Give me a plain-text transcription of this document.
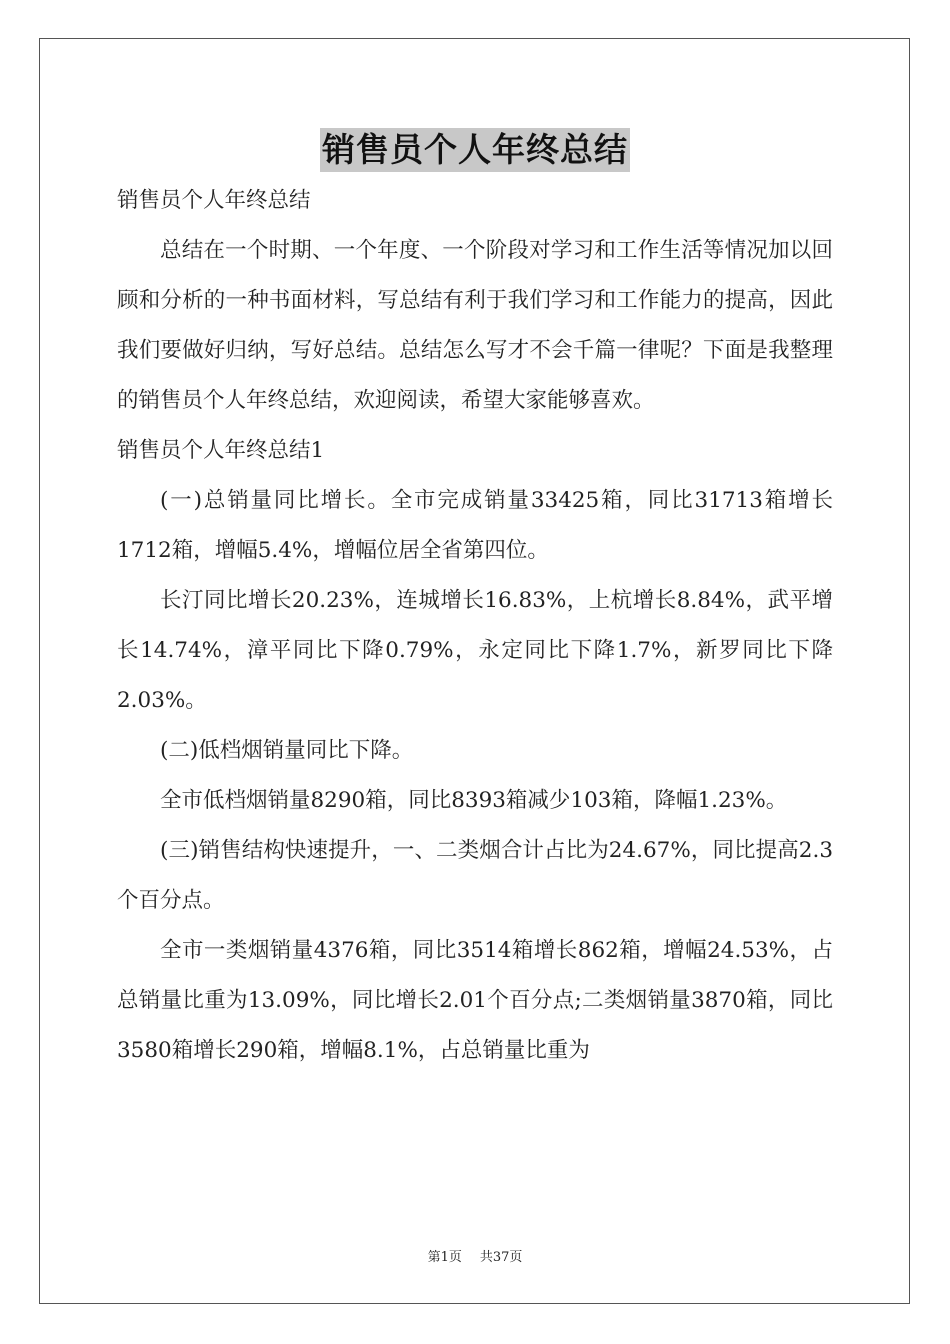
销售员个人年终总结

销售员个人年终总结

总结在一个时期、一个年度、一个阶段对学习和工作生活等情况加以回顾和分析的一种书面材料，写总结有利于我们学习和工作能力的提高，因此我们要做好归纳，写好总结。总结怎么写才不会千篇一律呢？下面是我整理的销售员个人年终总结，欢迎阅读，希望大家能够喜欢。

销售员个人年终总结1

(一)总销量同比增长。全市完成销量33425箱，同比31713箱增长1712箱，增幅5.4%，增幅位居全省第四位。

长汀同比增长20.23%，连城增长16.83%，上杭增长8.84%，武平增长14.74%，漳平同比下降0.79%，永定同比下降1.7%，新罗同比下降2.03%。

(二)低档烟销量同比下降。

全市低档烟销量8290箱，同比8393箱减少103箱，降幅1.23%。

(三)销售结构快速提升，一、二类烟合计占比为24.67%，同比提高2.3个百分点。

全市一类烟销量4376箱，同比3514箱增长862箱，增幅24.53%，占总销量比重为13.09%，同比增长2.01个百分点;二类烟销量3870箱，同比3580箱增长290箱，增幅8.1%，占总销量比重为

第1页 共37页
